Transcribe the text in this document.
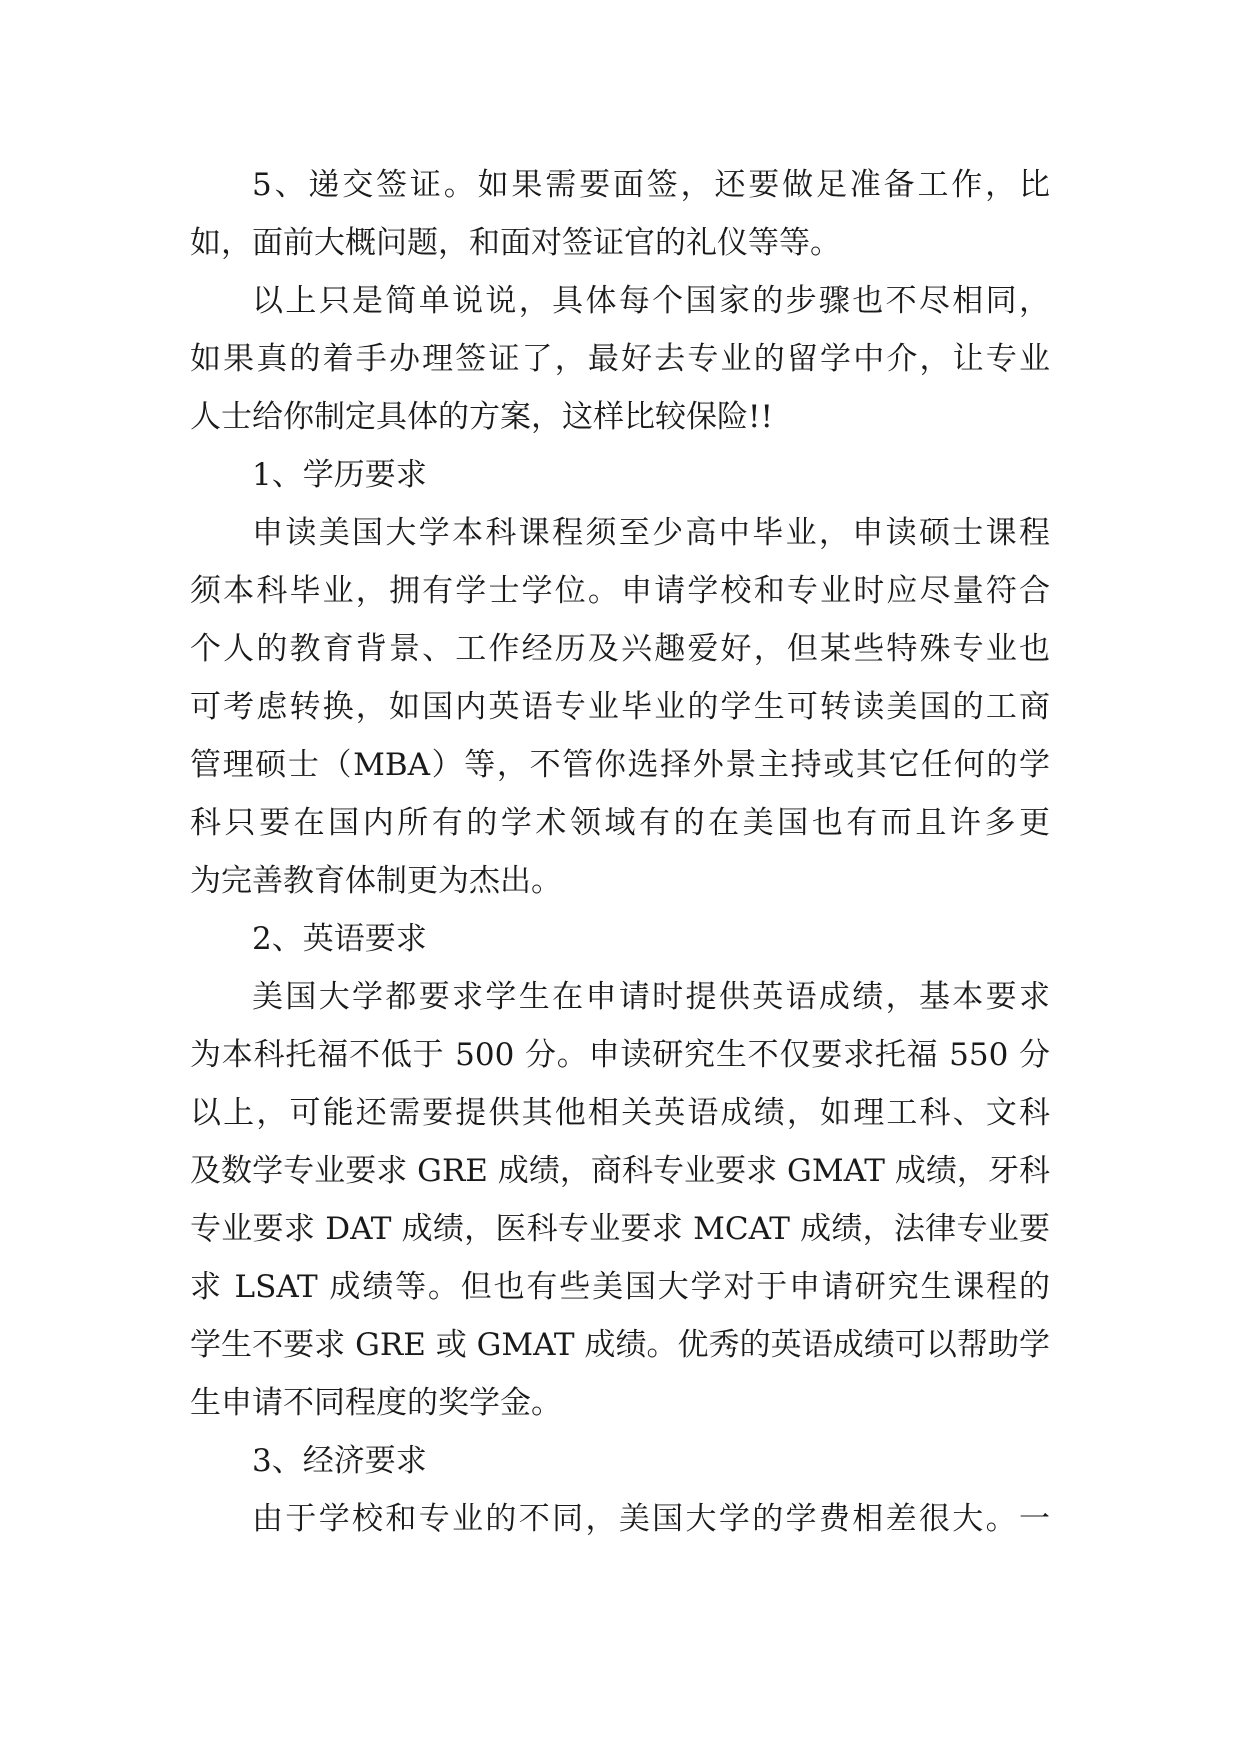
5、递交签证。如果需要面签，还要做足准备工作，比
如，面前大概问题，和面对签证官的礼仪等等。
以上只是简单说说，具体每个国家的步骤也不尽相同，
如果真的着手办理签证了，最好去专业的留学中介，让专业
人士给你制定具体的方案，这样比较保险!!
1、学历要求
申读美国大学本科课程须至少高中毕业，申读硕士课程
须本科毕业，拥有学士学位。申请学校和专业时应尽量符合
个人的教育背景、工作经历及兴趣爱好，但某些特殊专业也
可考虑转换，如国内英语专业毕业的学生可转读美国的工商
管理硕士（MBA）等，不管你选择外景主持或其它任何的学
科只要在国内所有的学术领域有的在美国也有而且许多更
为完善教育体制更为杰出。
2、英语要求
美国大学都要求学生在申请时提供英语成绩，基本要求
为本科托福不低于 500 分。申读研究生不仅要求托福 550 分
以上，可能还需要提供其他相关英语成绩，如理工科、文科
及数学专业要求 GRE 成绩，商科专业要求 GMAT 成绩，牙科
专业要求 DAT 成绩，医科专业要求 MCAT 成绩，法律专业要
求 LSAT 成绩等。但也有些美国大学对于申请研究生课程的
学生不要求 GRE 或 GMAT 成绩。优秀的英语成绩可以帮助学
生申请不同程度的奖学金。
3、经济要求
由于学校和专业的不同，美国大学的学费相差很大。一
